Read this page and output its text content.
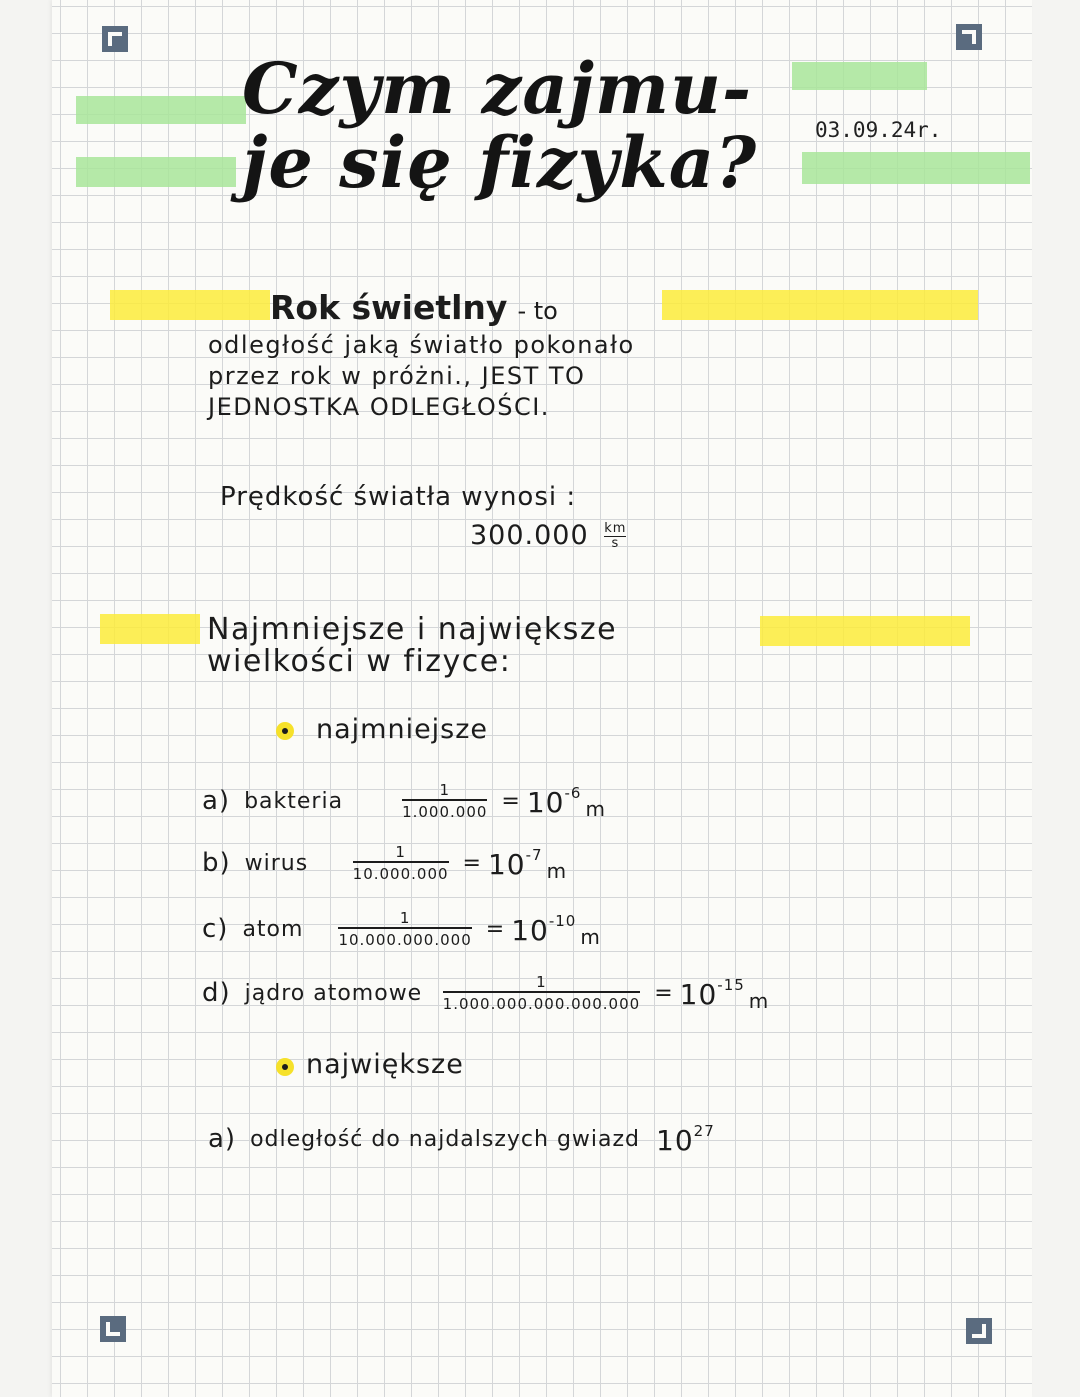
Czym zajmu-
je się fizyka?	03.09.24r.
Rok świetlny - to
odległość jaką światło pokonało
przez rok w próżni., JEST TO
JEDNOSTKA ODLEGŁOŚCI.
Prędkość światła wynosi :
$300.000 \frac{km}{s}$
Najmniejsze i największe
wielkości w fizyce:
najmniejsze
a) bakteria	$\frac{1}{1.000.000} = 10^{-6}$
m
b) wirus	$\frac{1}{10.000.000} = 10^{-7}$
m
c) atom	$\frac{1}{10.000.000.000} = 10^{-10}$
m
d) jądro atomowe	$\frac{1}{1.000.000.000.000.000} = 10^{-15}$
m
największe
a) odległość do najdalszych gwiazd $10^{27}$
